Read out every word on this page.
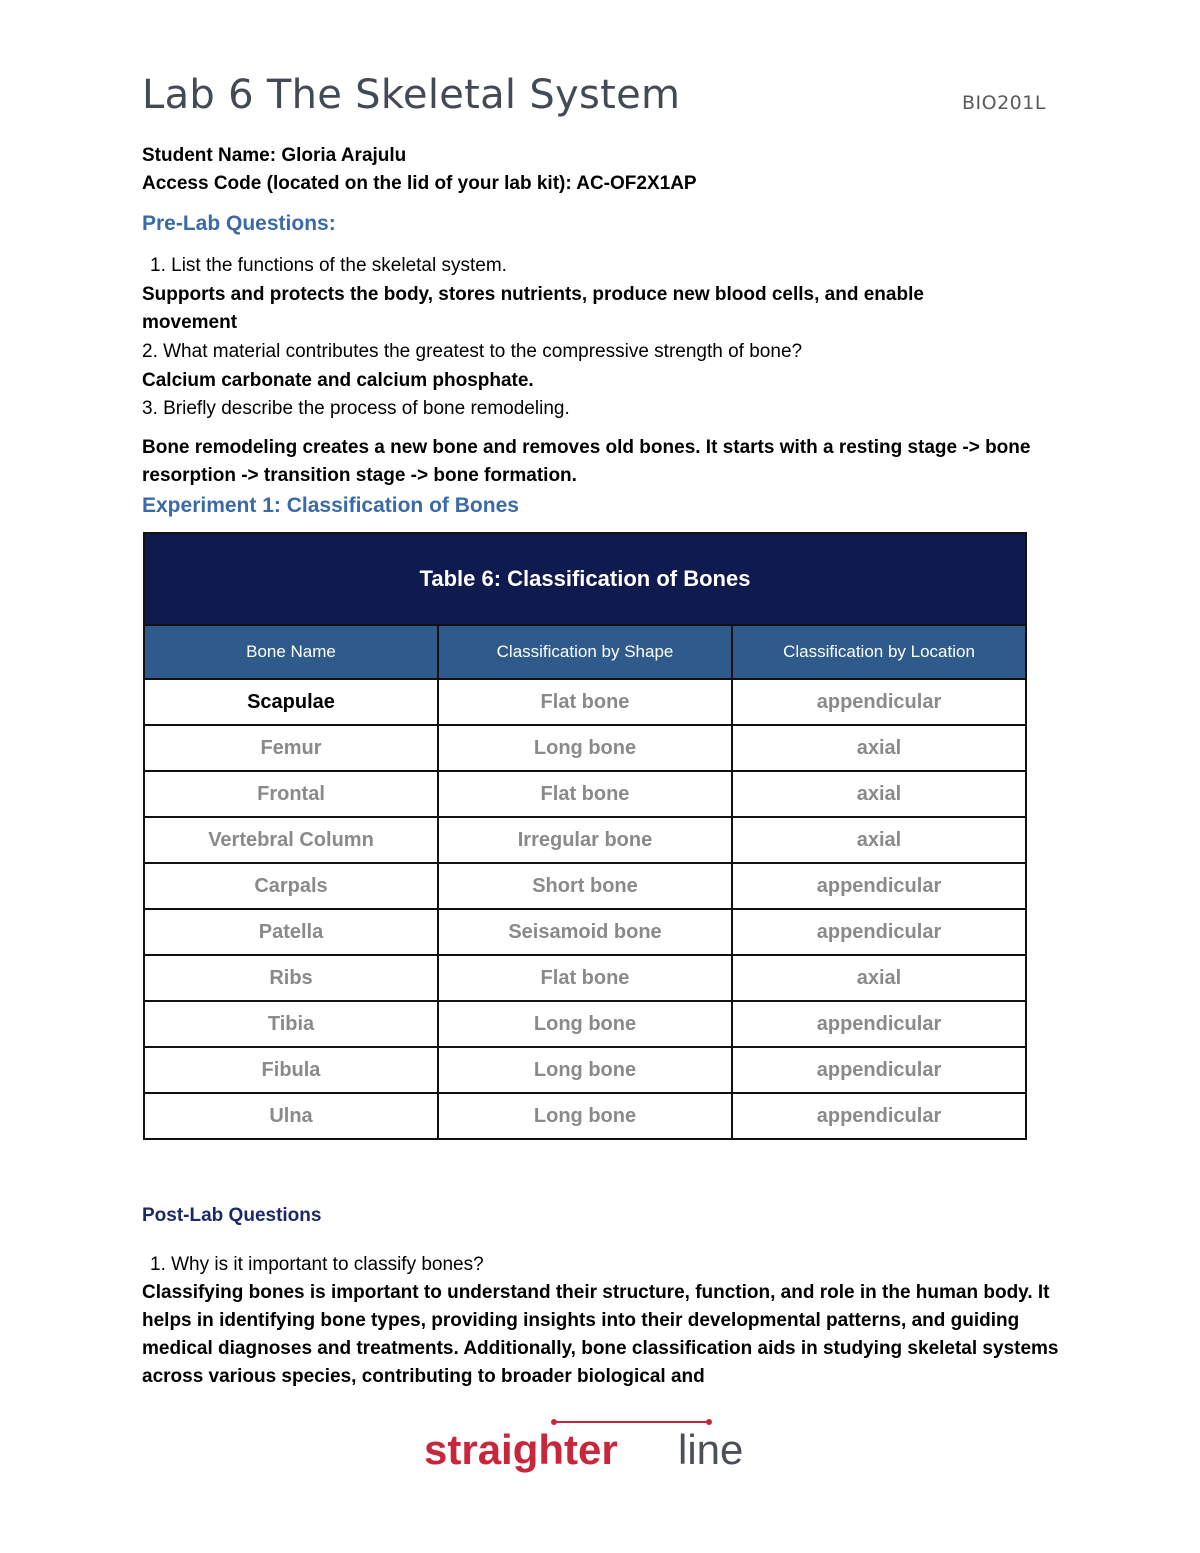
Lab 6 The Skeletal System	BIO201L
Student Name: Gloria Arajulu
Access Code (located on the lid of your lab kit): AC-OF2X1AP
Pre-Lab Questions:
1. List the functions of the skeletal system.
Supports and protects the body, stores nutrients, produce new blood cells, and enable movement
2. What material contributes the greatest to the compressive strength of bone?
Calcium carbonate and calcium phosphate.
3. Briefly describe the process of bone remodeling.
Bone remodeling creates a new bone and removes old bones. It starts with a resting stage -> bone resorption -> transition stage -> bone formation.
Experiment 1: Classification of Bones
Table 6: Classification of Bones		
Bone Name	Classification by Shape	Classification by Location
Scapulae	Flat bone	appendicular
Femur	Long bone	axial
Frontal	Flat bone	axial
Vertebral Column	Irregular bone	axial
Carpals	Short bone	appendicular
Patella	Seisamoid bone	appendicular
Ribs	Flat bone	axial
Tibia	Long bone	appendicular
Fibula	Long bone	appendicular
Ulna	Long bone	appendicular
Post-Lab Questions
1. Why is it important to classify bones?
Classifying bones is important to understand their structure, function, and role in the human body. It helps in identifying bone types, providing insights into their developmental patterns, and guiding medical diagnoses and treatments. Additionally, bone classification aids in studying skeletal systems across various species, contributing to broader biological and
straighter line
